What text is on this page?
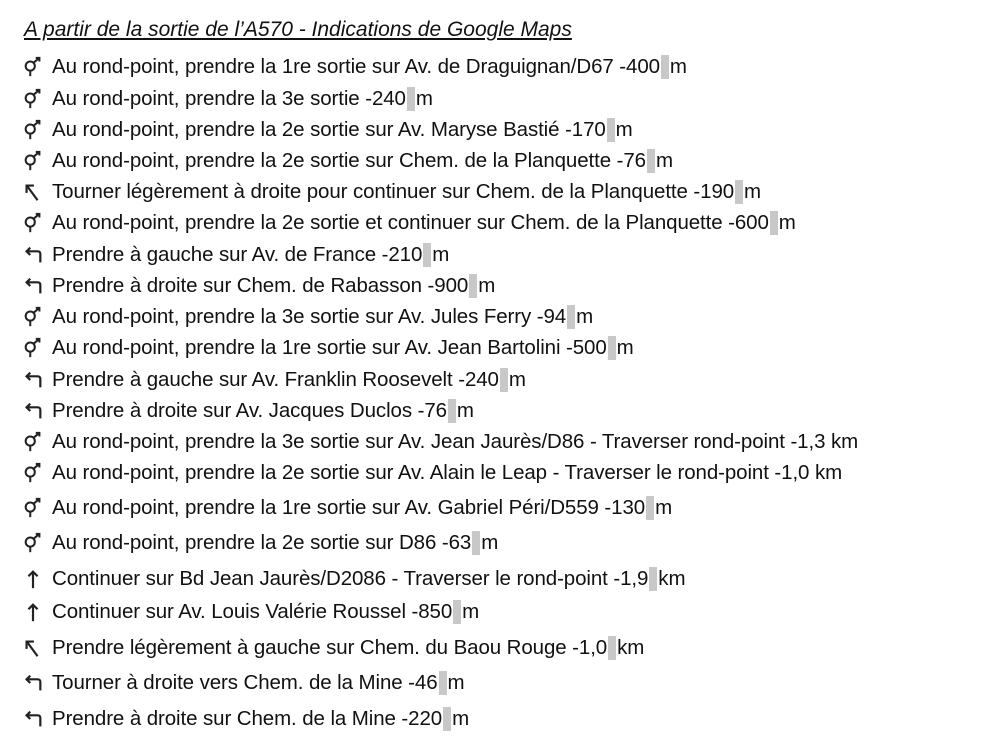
A partir de la sortie de l’A570 - Indications de Google Maps
Au rond-point, prendre la 1re sortie sur Av. de Draguignan/D67 - 400 m
Au rond-point, prendre la 3e sortie - 240 m
Au rond-point, prendre la 2e sortie sur Av. Maryse Bastié - 170 m
Au rond-point, prendre la 2e sortie sur Chem. de la Planquette - 76 m
Tourner légèrement à droite pour continuer sur Chem. de la Planquette - 190 m
Au rond-point, prendre la 2e sortie et continuer sur Chem. de la Planquette - 600 m
Prendre à gauche sur Av. de France - 210 m
Prendre à droite sur Chem. de Rabasson - 900 m
Au rond-point, prendre la 3e sortie sur Av. Jules Ferry - 94 m
Au rond-point, prendre la 1re sortie sur Av. Jean Bartolini - 500 m
Prendre à gauche sur Av. Franklin Roosevelt - 240 m
Prendre à droite sur Av. Jacques Duclos - 76 m
Au rond-point, prendre la 3e sortie sur Av. Jean Jaurès/D86 - Traverser rond-point - 1,3
km
Au rond-point, prendre la 2e sortie sur Av. Alain le Leap - Traverser le rond-point - 1,0
km
Au rond-point, prendre la 1re sortie sur Av. Gabriel Péri/D559 - 130 m
Au rond-point, prendre la 2e sortie sur D86 - 63 m
Continuer sur Bd Jean Jaurès/D2086 - Traverser le rond-point - 1,9 km
Continuer sur Av. Louis Valérie Roussel - 850 m
Prendre légèrement à gauche sur Chem. du Baou Rouge - 1,0 km
Tourner à droite vers Chem. de la Mine - 46 m
Prendre à droite sur Chem. de la Mine - 220 m
